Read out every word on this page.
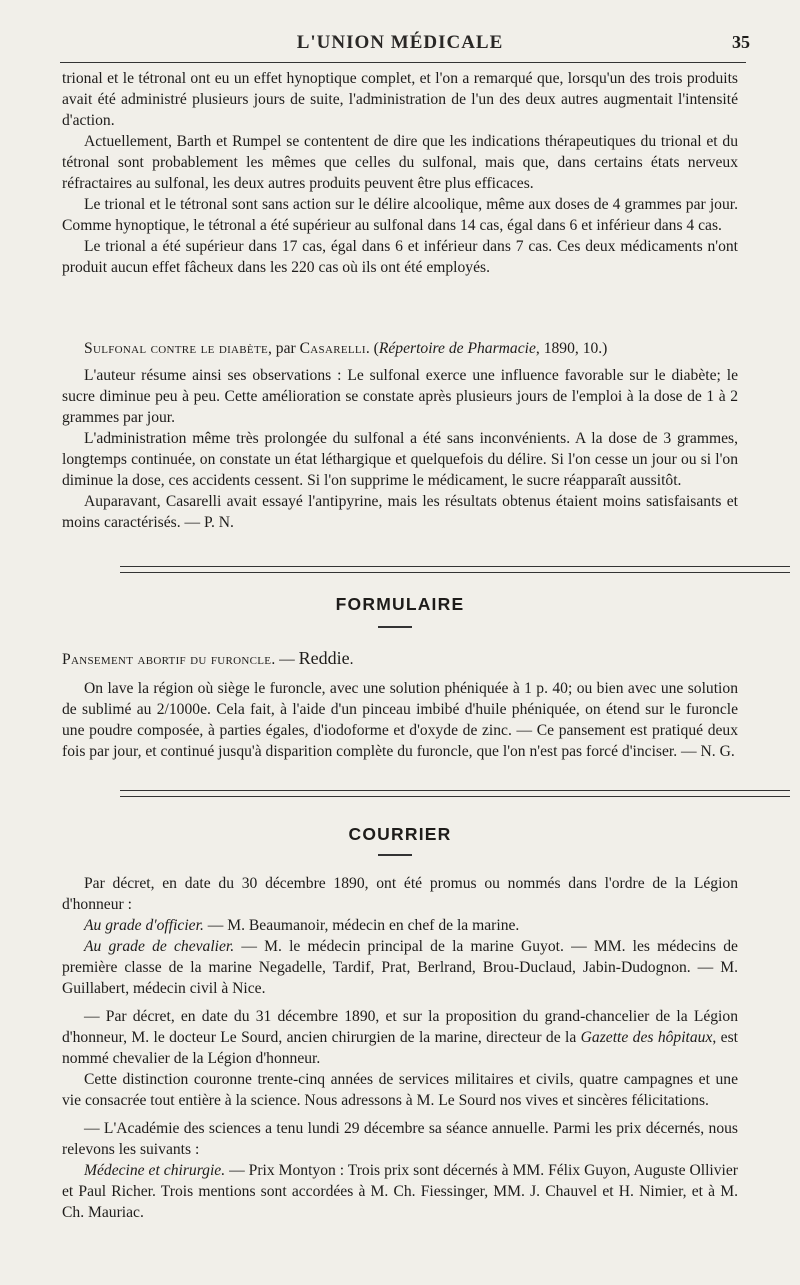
L'UNION MÉDICALE	35

trional et le tétronal ont eu un effet hynoptique complet, et l'on a remarqué que, lorsqu'un des trois produits avait été administré plusieurs jours de suite, l'administration de l'un des deux autres augmentait l'intensité d'action.

Actuellement, Barth et Rumpel se contentent de dire que les indications thérapeutiques du trional et du tétronal sont probablement les mêmes que celles du sulfonal, mais que, dans certains états nerveux réfractaires au sulfonal, les deux autres produits peuvent être plus efficaces.

Le trional et le tétronal sont sans action sur le délire alcoolique, même aux doses de 4 grammes par jour. Comme hynoptique, le tétronal a été supérieur au sulfonal dans 14 cas, égal dans 6 et inférieur dans 4 cas.

Le trional a été supérieur dans 17 cas, égal dans 6 et inférieur dans 7 cas. Ces deux médicaments n'ont produit aucun effet fâcheux dans les 220 cas où ils ont été employés.

Sulfonal contre le diabète, par Casarelli. (Répertoire de Pharmacie, 1890, 10.)

L'auteur résume ainsi ses observations : Le sulfonal exerce une influence favorable sur le diabète; le sucre diminue peu à peu. Cette amélioration se constate après plusieurs jours de l'emploi à la dose de 1 à 2 grammes par jour.

L'administration même très prolongée du sulfonal a été sans inconvénients. A la dose de 3 grammes, longtemps continuée, on constate un état léthargique et quelquefois du délire. Si l'on cesse un jour ou si l'on diminue la dose, ces accidents cessent. Si l'on supprime le médicament, le sucre réapparaît aussitôt.

Auparavant, Casarelli avait essayé l'antipyrine, mais les résultats obtenus étaient moins satisfaisants et moins caractérisés. — P. N.

FORMULAIRE

Pansement abortif du furoncle. — Reddie.

On lave la région où siège le furoncle, avec une solution phéniquée à 1 p. 40; ou bien avec une solution de sublimé au 2/1000e. Cela fait, à l'aide d'un pinceau imbibé d'huile phéniquée, on étend sur le furoncle une poudre composée, à parties égales, d'iodoforme et d'oxyde de zinc. — Ce pansement est pratiqué deux fois par jour, et continué jusqu'à disparition complète du furoncle, que l'on n'est pas forcé d'inciser. — N. G.

COURRIER

Par décret, en date du 30 décembre 1890, ont été promus ou nommés dans l'ordre de la Légion d'honneur :

Au grade d'officier. — M. Beaumanoir, médecin en chef de la marine.

Au grade de chevalier. — M. le médecin principal de la marine Guyot. — MM. les médecins de première classe de la marine Negadelle, Tardif, Prat, Berlrand, Brou-Duclaud, Jabin-Dudognon. — M. Guillabert, médecin civil à Nice.

— Par décret, en date du 31 décembre 1890, et sur la proposition du grand-chancelier de la Légion d'honneur, M. le docteur Le Sourd, ancien chirurgien de la marine, directeur de la Gazette des hôpitaux, est nommé chevalier de la Légion d'honneur.

Cette distinction couronne trente-cinq années de services militaires et civils, quatre campagnes et une vie consacrée tout entière à la science. Nous adressons à M. Le Sourd nos vives et sincères félicitations.

— L'Académie des sciences a tenu lundi 29 décembre sa séance annuelle. Parmi les prix décernés, nous relevons les suivants :

Médecine et chirurgie. — Prix Montyon : Trois prix sont décernés à MM. Félix Guyon, Auguste Ollivier et Paul Richer. Trois mentions sont accordées à M. Ch. Fiessinger, MM. J. Chauvel et H. Nimier, et à M. Ch. Mauriac.
